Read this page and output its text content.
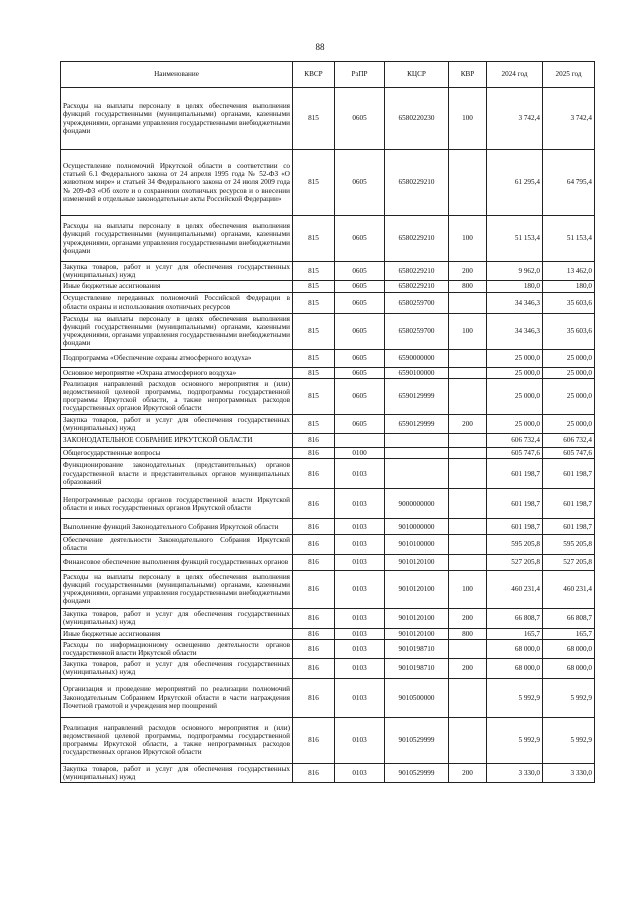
88
Наименование	КВСР	РзПР	КЦСР	КВР	2024 год	2025 год
Расходы на выплаты персоналу в целях обеспечения выполнения функций государственными (муниципальными) органами, казенными учреждениями, органами управления государственными внебюджетными фондами	815	0605	6580220230	100	3 742,4	3 742,4
Осуществление полномочий Иркутской области в соответствии со статьей 6.1 Федерального закона от 24 апреля 1995 года № 52-ФЗ «О животном мире» и статьей 34 Федерального закона от 24 июля 2009 года № 209-ФЗ «Об охоте и о сохранении охотничьих ресурсов и о внесении изменений в отдельные законодательные акты Российской Федерации»	815	0605	6580229210		61 295,4	64 795,4
Расходы на выплаты персоналу в целях обеспечения выполнения функций государственными (муниципальными) органами, казенными учреждениями, органами управления государственными внебюджетными фондами	815	0605	6580229210	100	51 153,4	51 153,4
Закупка товаров, работ и услуг для обеспечения государственных (муниципальных) нужд	815	0605	6580229210	200	9 962,0	13 462,0
Иные бюджетные ассигнования	815	0605	6580229210	800	180,0	180,0
Осуществление переданных полномочий Российской Федерации в области охраны и использования охотничьих ресурсов	815	0605	6580259700		34 346,3	35 603,6
Расходы на выплаты персоналу в целях обеспечения выполнения функций государственными (муниципальными) органами, казенными учреждениями, органами управления государственными внебюджетными фондами	815	0605	6580259700	100	34 346,3	35 603,6
Подпрограмма «Обеспечение охраны атмосферного воздуха»	815	0605	6590000000		25 000,0	25 000,0
Основное мероприятие «Охрана атмосферного воздуха»	815	0605	6590100000		25 000,0	25 000,0
Реализация направлений расходов основного мероприятия и (или) ведомственной целевой программы, подпрограммы государственной программы Иркутской области, а также непрограммных расходов государственных органов Иркутской области	815	0605	6590129999		25 000,0	25 000,0
Закупка товаров, работ и услуг для обеспечения государственных (муниципальных) нужд	815	0605	6590129999	200	25 000,0	25 000,0
ЗАКОНОДАТЕЛЬНОЕ СОБРАНИЕ ИРКУТСКОЙ ОБЛАСТИ	816				606 732,4	606 732,4
Общегосударственные вопросы	816	0100			605 747,6	605 747,6
Функционирование законодательных (представительных) органов государственной власти и представительных органов муниципальных образований	816	0103			601 198,7	601 198,7
Непрограммные расходы органов государственной власти Иркутской области и иных государственных органов Иркутской области	816	0103	9000000000		601 198,7	601 198,7
Выполнение функций Законодательного Собрания Иркутской области	816	0103	9010000000		601 198,7	601 198,7
Обеспечение деятельности Законодательного Собрания Иркутской области	816	0103	9010100000		595 205,8	595 205,8
Финансовое обеспечение выполнения функций государственных органов	816	0103	9010120100		527 205,8	527 205,8
Расходы на выплаты персоналу в целях обеспечения выполнения функций государственными (муниципальными) органами, казенными учреждениями, органами управления государственными внебюджетными фондами	816	0103	9010120100	100	460 231,4	460 231,4
Закупка товаров, работ и услуг для обеспечения государственных (муниципальных) нужд	816	0103	9010120100	200	66 808,7	66 808,7
Иные бюджетные ассигнования	816	0103	9010120100	800	165,7	165,7
Расходы по информационному освещению деятельности органов государственной власти Иркутской области	816	0103	9010198710		68 000,0	68 000,0
Закупка товаров, работ и услуг для обеспечения государственных (муниципальных) нужд	816	0103	9010198710	200	68 000,0	68 000,0
Организация и проведение мероприятий по реализации полномочий Законодательным Собранием Иркутской области в части награждения Почетной грамотой и учреждения мер поощрений	816	0103	9010500000		5 992,9	5 992,9
Реализация направлений расходов основного мероприятия и (или) ведомственной целевой программы, подпрограммы государственной программы Иркутской области, а также непрограммных расходов государственных органов Иркутской области	816	0103	9010529999		5 992,9	5 992,9
Закупка товаров, работ и услуг для обеспечения государственных (муниципальных) нужд	816	0103	9010529999	200	3 330,0	3 330,0
